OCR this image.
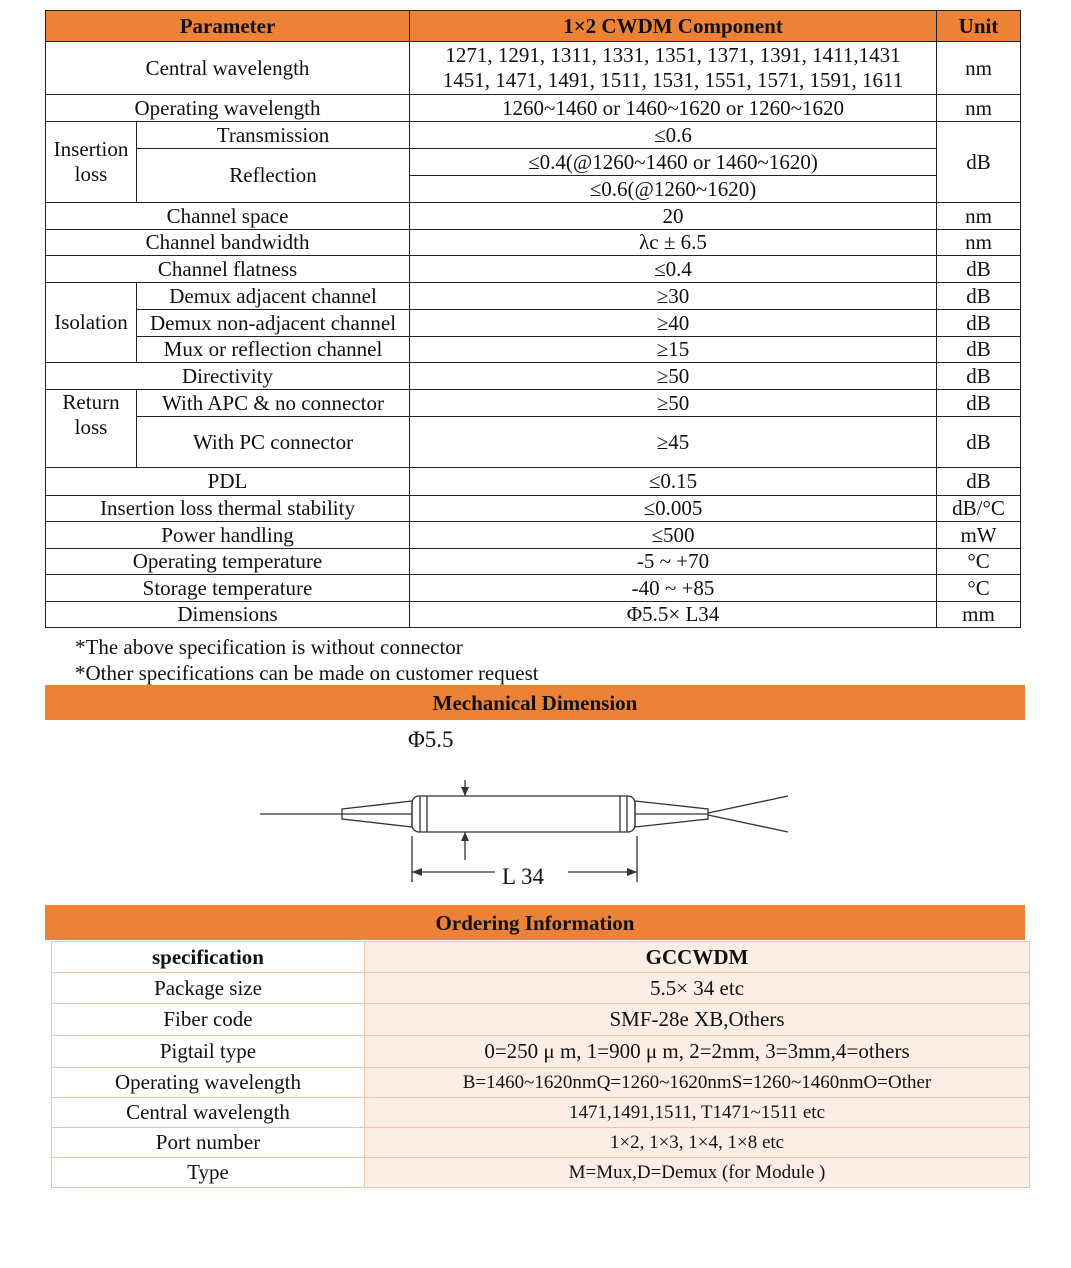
Parameter		1×2 CWDM Component	Unit
Central wavelength		1271, 1291, 1311, 1331, 1351, 1371, 1391, 1411,1431
1451, 1471, 1491, 1511, 1531, 1551, 1571, 1591, 1611	nm
Operating wavelength		1260~1460 or 1460~1620 or 1260~1620	nm
Insertion loss	Transmission	≤0.6	dB
	Reflection	≤0.4(@1260~1460 or 1460~1620)	
		≤0.6(@1260~1620)	
Channel space		20	nm
Channel bandwidth		λc ± 6.5	nm
Channel flatness		≤0.4	dB
Isolation	Demux adjacent channel	≥30	dB
	Demux non-adjacent channel	≥40	dB
	Mux or reflection channel	≥15	dB
Directivity		≥50	dB
Return loss	With APC & no connector	≥50	dB
	With PC connector	≥45	dB
PDL		≤0.15	dB
Insertion loss thermal stability		≤0.005	dB/°C
Power handling		≤500	mW
Operating temperature		-5 ~ +70	°C
Storage temperature		-40 ~ +85	°C
Dimensions		Φ5.5× L34	mm
*The above specification is without connector
*Other specifications can be made on customer request
Mechanical Dimension
Φ5.5
L 34
Ordering Information
specification	GCCWDM
Package size	5.5× 34 etc
Fiber code	SMF-28e XB,Others
Pigtail type	0=250 μ m, 1=900 μ m, 2=2mm, 3=3mm,4=others
Operating wavelength	B=1460~1620nmQ=1260~1620nmS=1260~1460nmO=Other
Central wavelength	1471,1491,1511, T1471~1511 etc
Port number	1×2, 1×3, 1×4, 1×8 etc
Type	M=Mux,D=Demux (for Module )
